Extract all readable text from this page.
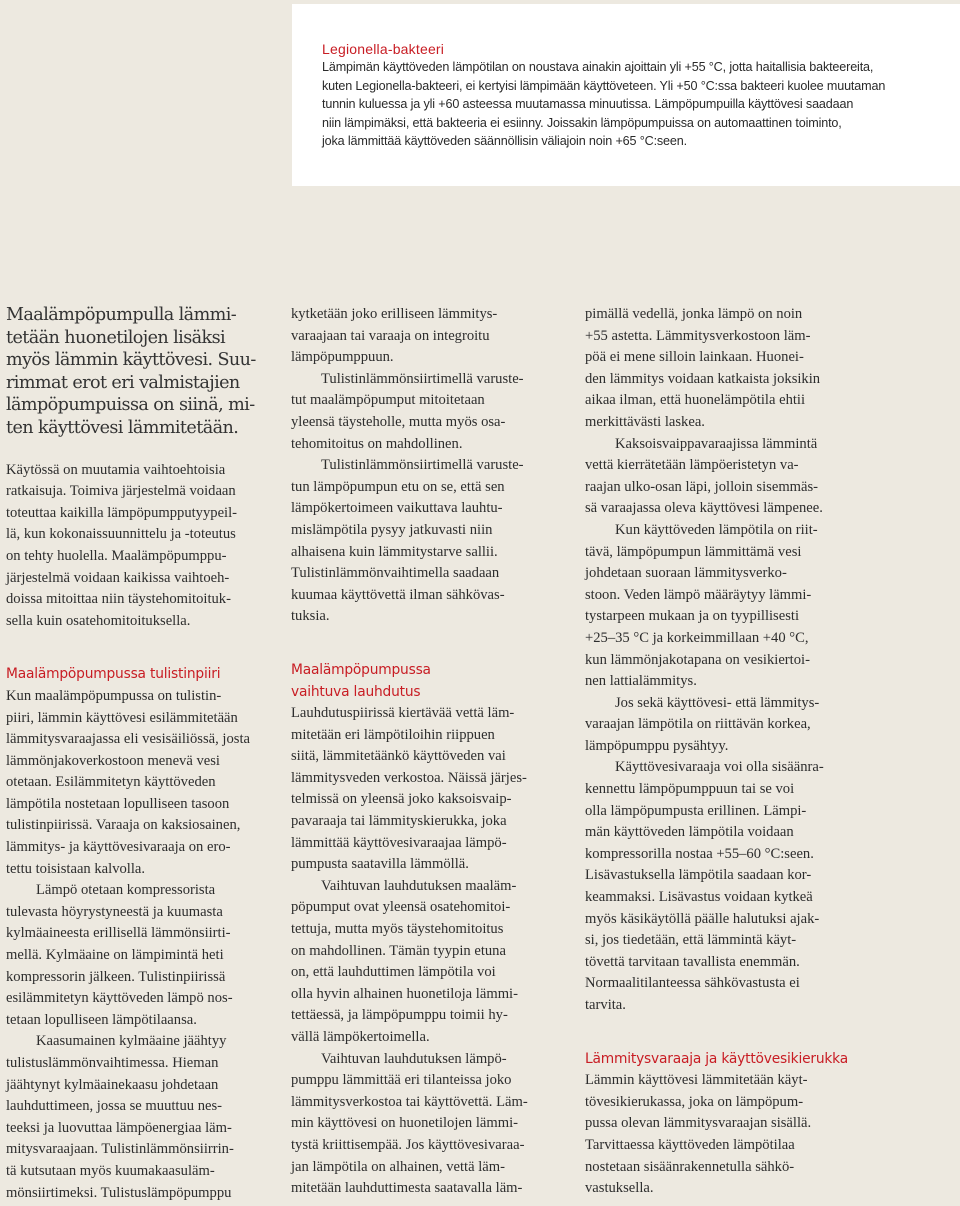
Legionella-bakteeri
Lämpimän käyttöveden lämpötilan on noustava ainakin ajoittain yli +55 °C, jotta haitallisia bakteereita,
kuten Legionella-bakteeri, ei kertyisi lämpimään käyttöveteen. Yli +50 °C:ssa bakteeri kuolee muutaman
tunnin kuluessa ja yli +60 asteessa muutamassa minuutissa. Lämpöpumpuilla käyttövesi saadaan
niin lämpimäksi, että bakteeria ei esiinny. Joissakin lämpöpumpuissa on automaattinen toiminto,
joka lämmittää käyttöveden säännöllisin väliajoin noin +65 °C:seen.
Maalämpöpumpulla lämmi-
tetään huonetilojen lisäksi
myös lämmin käyttövesi. Suu-
rimmat erot eri valmistajien
lämpöpumpuissa on siinä, mi-
ten käyttövesi lämmitetään.
Käytössä on muutamia vaihtoehtoisia
ratkaisuja. Toimiva järjestelmä voidaan
toteuttaa kaikilla lämpöpumpputyypeil-
lä, kun kokonaissuunnittelu ja -toteutus
on tehty huolella. Maalämpöpumppu-
järjestelmä voidaan kaikissa vaihtoeh-
doissa mitoittaa niin täystehomitoituk-
sella kuin osatehomitoituksella.
Maalämpöpumpussa tulistinpiiri
Kun maalämpöpumpussa on tulistin-
piiri, lämmin käyttövesi esilämmitetään
lämmitysvaraajassa eli vesisäiliössä, josta
lämmönjakoverkostoon menevä vesi
otetaan. Esilämmitetyn käyttöveden
lämpötila nostetaan lopulliseen tasoon
tulistinpiirissä. Varaaja on kaksiosainen,
lämmitys- ja käyttövesivaraaja on ero-
tettu toisistaan kalvolla.
Lämpö otetaan kompressorista
tulevasta höyrystyneestä ja kuumasta
kylmäaineesta erillisellä lämmönsiirti-
mellä. Kylmäaine on lämpimintä heti
kompressorin jälkeen. Tulistinpiirissä
esilämmitetyn käyttöveden lämpö nos-
tetaan lopulliseen lämpötilaansa.
Kaasumainen kylmäaine jäähtyy
tulistuslämmönvaihtimessa. Hieman
jäähtynyt kylmäainekaasu johdetaan
lauhduttimeen, jossa se muuttuu nes-
teeksi ja luovuttaa lämpöenergiaa läm-
mitysvaraajaan. Tulistinlämmönsiirrin-
tä kutsutaan myös kuumakaasuläm-
mönsiirtimeksi. Tulistuslämpöpumppu
kytketään joko erilliseen lämmitys-
varaajaan tai varaaja on integroitu
lämpöpumppuun.
Tulistinlämmönsiirtimellä varuste-
tut maalämpöpumput mitoitetaan
yleensä täysteholle, mutta myös osa-
tehomitoitus on mahdollinen.
Tulistinlämmönsiirtimellä varuste-
tun lämpöpumpun etu on se, että sen
lämpökertoimeen vaikuttava lauhtu-
mislämpötila pysyy jatkuvasti niin
alhaisena kuin lämmitystarve sallii.
Tulistinlämmönvaihtimella saadaan
kuumaa käyttövettä ilman sähkövas-
tuksia.
Maalämpöpumpussa
vaihtuva lauhdutus
Lauhdutuspiirissä kiertävää vettä läm-
mitetään eri lämpötiloihin riippuen
siitä, lämmitetäänkö käyttöveden vai
lämmitysveden verkostoa. Näissä järjes-
telmissä on yleensä joko kaksoisvaip-
pavaraaja tai lämmityskierukka, joka
lämmittää käyttövesivaraajaa lämpö-
pumpusta saatavilla lämmöllä.
Vaihtuvan lauhdutuksen maaläm-
pöpumput ovat yleensä osatehomitoi-
tettuja, mutta myös täystehomitoitus
on mahdollinen. Tämän tyypin etuna
on, että lauhduttimen lämpötila voi
olla hyvin alhainen huonetiloja lämmi-
tettäessä, ja lämpöpumppu toimii hy-
vällä lämpökertoimella.
Vaihtuvan lauhdutuksen lämpö-
pumppu lämmittää eri tilanteissa joko
lämmitysverkostoa tai käyttövettä. Läm-
min käyttövesi on huonetilojen lämmi-
tystä kriittisempää. Jos käyttövesivaraa-
jan lämpötila on alhainen, vettä läm-
mitetään lauhduttimesta saatavalla läm-
pimällä vedellä, jonka lämpö on noin
+55 astetta. Lämmitysverkostoon läm-
pöä ei mene silloin lainkaan. Huonei-
den lämmitys voidaan katkaista joksikin
aikaa ilman, että huonelämpötila ehtii
merkittävästi laskea.
Kaksoisvaippavaraajissa lämmintä
vettä kierrätetään lämpöeristetyn va-
raajan ulko-osan läpi, jolloin sisemmäs-
sä varaajassa oleva käyttövesi lämpenee.
Kun käyttöveden lämpötila on riit-
tävä, lämpöpumpun lämmittämä vesi
johdetaan suoraan lämmitysverko-
stoon. Veden lämpö määräytyy lämmi-
tystarpeen mukaan ja on tyypillisesti
+25–35 °C ja korkeimmillaan +40 °C,
kun lämmönjakotapana on vesikiertoi-
nen lattialämmitys.
Jos sekä käyttövesi- että lämmitys-
varaajan lämpötila on riittävän korkea,
lämpöpumppu pysähtyy.
Käyttövesivaraaja voi olla sisäänra-
kennettu lämpöpumppuun tai se voi
olla lämpöpumpusta erillinen. Lämpi-
män käyttöveden lämpötila voidaan
kompressorilla nostaa +55–60 °C:seen.
Lisävastuksella lämpötila saadaan kor-
keammaksi. Lisävastus voidaan kytkeä
myös käsikäytöllä päälle halutuksi ajak-
si, jos tiedetään, että lämmintä käyt-
tövettä tarvitaan tavallista enemmän.
Normaalitilanteessa sähkövastusta ei
tarvita.
Lämmitysvaraaja ja käyttövesikierukka
Lämmin käyttövesi lämmitetään käyt-
tövesikierukassa, joka on lämpöpum-
pussa olevan lämmitysvaraajan sisällä.
Tarvittaessa käyttöveden lämpötilaa
nostetaan sisäänrakennetulla sähkö-
vastuksella.
